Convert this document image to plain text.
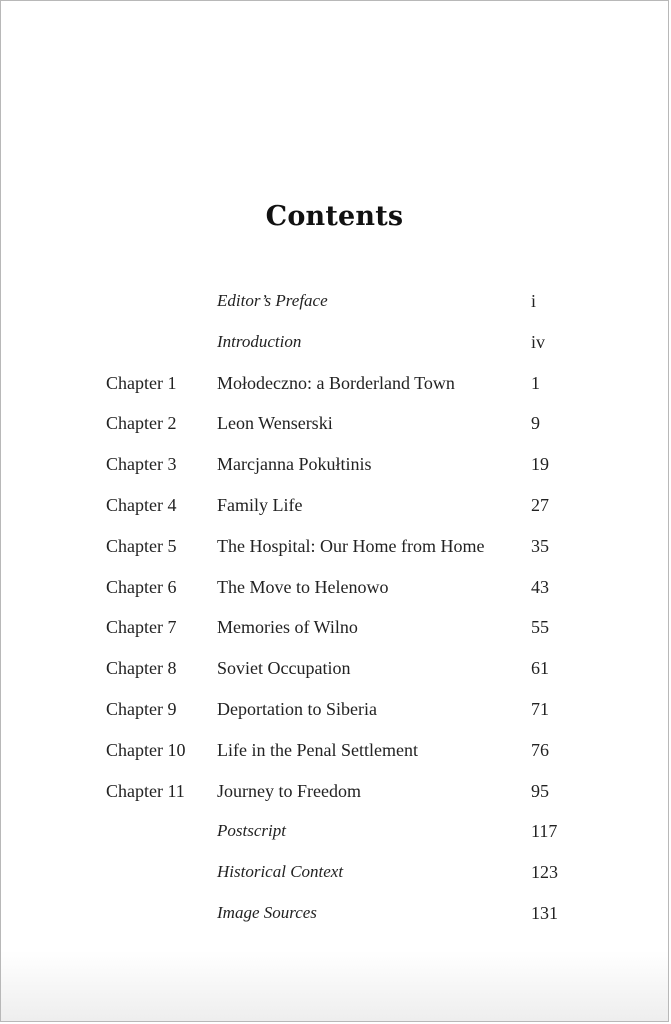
Contents
Editor’s Preface	i
Introduction	iv
Chapter 1 Mołodeczno: a Borderland Town	1
Chapter 2 Leon Wenserski	9
Chapter 3 Marcjanna Pokułtinis	19
Chapter 4 Family Life	27
Chapter 5 The Hospital: Our Home from Home	35
Chapter 6 The Move to Helenowo	43
Chapter 7 Memories of Wilno	55
Chapter 8 Soviet Occupation	61
Chapter 9 Deportation to Siberia	71
Chapter 10 Life in the Penal Settlement	76
Chapter 11 Journey to Freedom	95
Postscript	117
Historical Context	123
Image Sources	131
